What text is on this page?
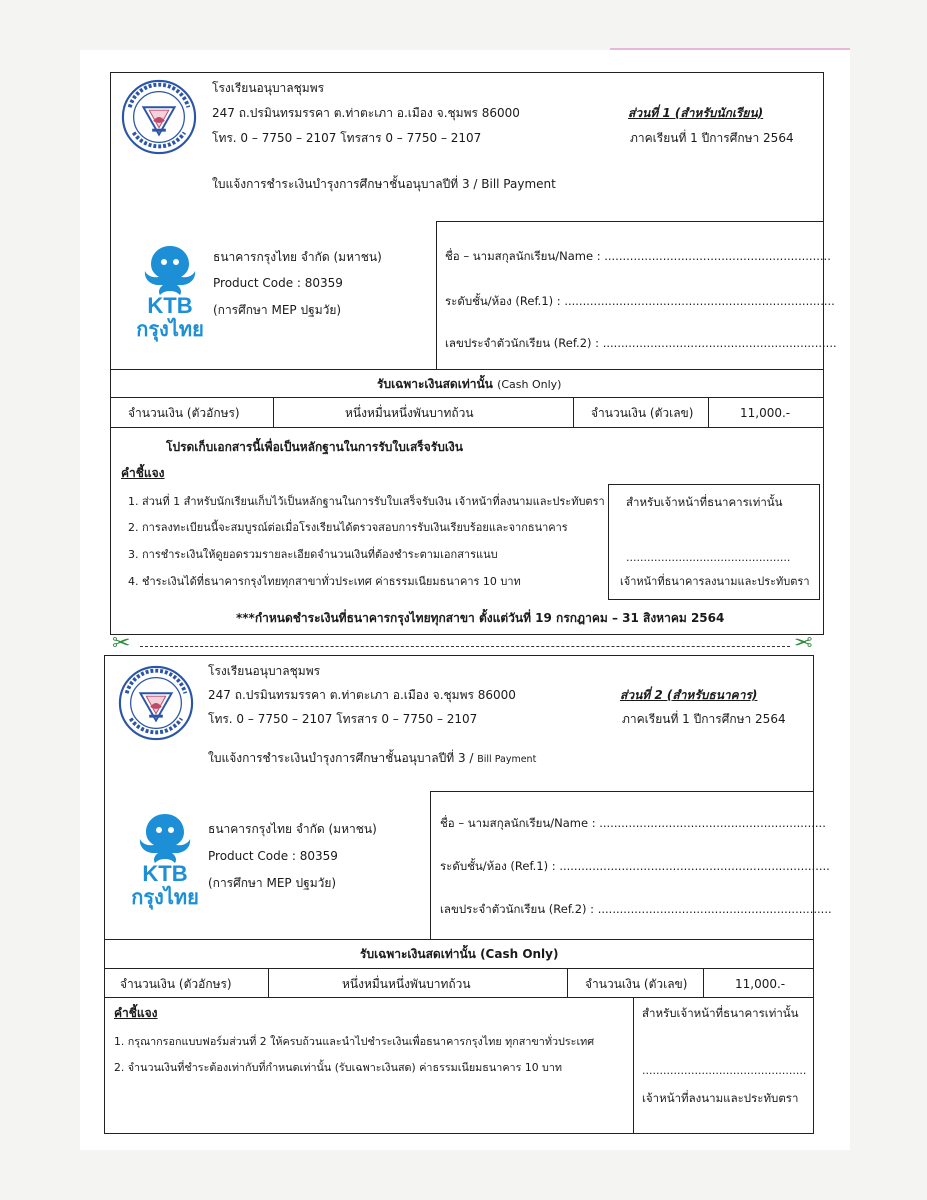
โรงเรียนอนุบาลชุมพร
247 ถ.ปรมินทรมรรคา ต.ท่าตะเภา อ.เมือง จ.ชุมพร 86000
โทร. 0 – 7750 – 2107 โทรสาร 0 – 7750 – 2107
ส่วนที่ 1 (สำหรับนักเรียน)
ภาคเรียนที่ 1 ปีการศึกษา 2564
ใบแจ้งการชำระเงินบำรุงการศึกษาชั้นอนุบาลปีที่ 3 / Bill Payment
KTB
กรุงไทย
ธนาคารกรุงไทย จำกัด (มหาชน)
Product Code : 80359
(การศึกษา MEP ปฐมวัย)
ชื่อ – นามสกุลนักเรียน/Name : ..............................................................
ระดับชั้น/ห้อง (Ref.1) : ..........................................................................
เลขประจำตัวนักเรียน (Ref.2) : ................................................................
รับเฉพาะเงินสดเท่านั้น (Cash Only)
จำนวนเงิน (ตัวอักษร)	หนึ่งหมื่นหนึ่งพันบาทถ้วน	จำนวนเงิน (ตัวเลข)	11,000.-
โปรดเก็บเอกสารนี้เพื่อเป็นหลักฐานในการรับใบเสร็จรับเงิน
คำชี้แจง
1. ส่วนที่ 1 สำหรับนักเรียนเก็บไว้เป็นหลักฐานในการรับใบเสร็จรับเงิน เจ้าหน้าที่ลงนามและประทับตรา
2. การลงทะเบียนนี้จะสมบูรณ์ต่อเมื่อโรงเรียนได้ตรวจสอบการรับเงินเรียบร้อยและจากธนาคาร
3. การชำระเงินให้ดูยอดรวมรายละเอียดจำนวนเงินที่ต้องชำระตามเอกสารแนบ
4. ชำระเงินได้ที่ธนาคารกรุงไทยทุกสาขาทั่วประเทศ ค่าธรรมเนียมธนาคาร 10 บาท
สำหรับเจ้าหน้าที่ธนาคารเท่านั้น
...............................................
เจ้าหน้าที่ธนาคารลงนามและประทับตรา
***กำหนดชำระเงินที่ธนาคารกรุงไทยทุกสาขา ตั้งแต่วันที่ 19 กรกฎาคม – 31 สิงหาคม 2564
✂	✂
โรงเรียนอนุบาลชุมพร
247 ถ.ปรมินทรมรรคา ต.ท่าตะเภา อ.เมือง จ.ชุมพร 86000
โทร. 0 – 7750 – 2107 โทรสาร 0 – 7750 – 2107
ส่วนที่ 2 (สำหรับธนาคาร)
ภาคเรียนที่ 1 ปีการศึกษา 2564
ใบแจ้งการชำระเงินบำรุงการศึกษาชั้นอนุบาลปีที่ 3 / Bill Payment
KTB
กรุงไทย
ธนาคารกรุงไทย จำกัด (มหาชน)
Product Code : 80359
(การศึกษา MEP ปฐมวัย)
ชื่อ – นามสกุลนักเรียน/Name : ..............................................................
ระดับชั้น/ห้อง (Ref.1) : ..........................................................................
เลขประจำตัวนักเรียน (Ref.2) : ................................................................
รับเฉพาะเงินสดเท่านั้น (Cash Only)
จำนวนเงิน (ตัวอักษร)	หนึ่งหมื่นหนึ่งพันบาทถ้วน	จำนวนเงิน (ตัวเลข)	11,000.-
คำชี้แจง
1. กรุณากรอกแบบฟอร์มส่วนที่ 2 ให้ครบถ้วนและนำไปชำระเงินเพื่อธนาคารกรุงไทย ทุกสาขาทั่วประเทศ
2. จำนวนเงินที่ชำระต้องเท่ากับที่กำหนดเท่านั้น (รับเฉพาะเงินสด) ค่าธรรมเนียมธนาคาร 10 บาท
สำหรับเจ้าหน้าที่ธนาคารเท่านั้น
...............................................
เจ้าหน้าที่ลงนามและประทับตรา
